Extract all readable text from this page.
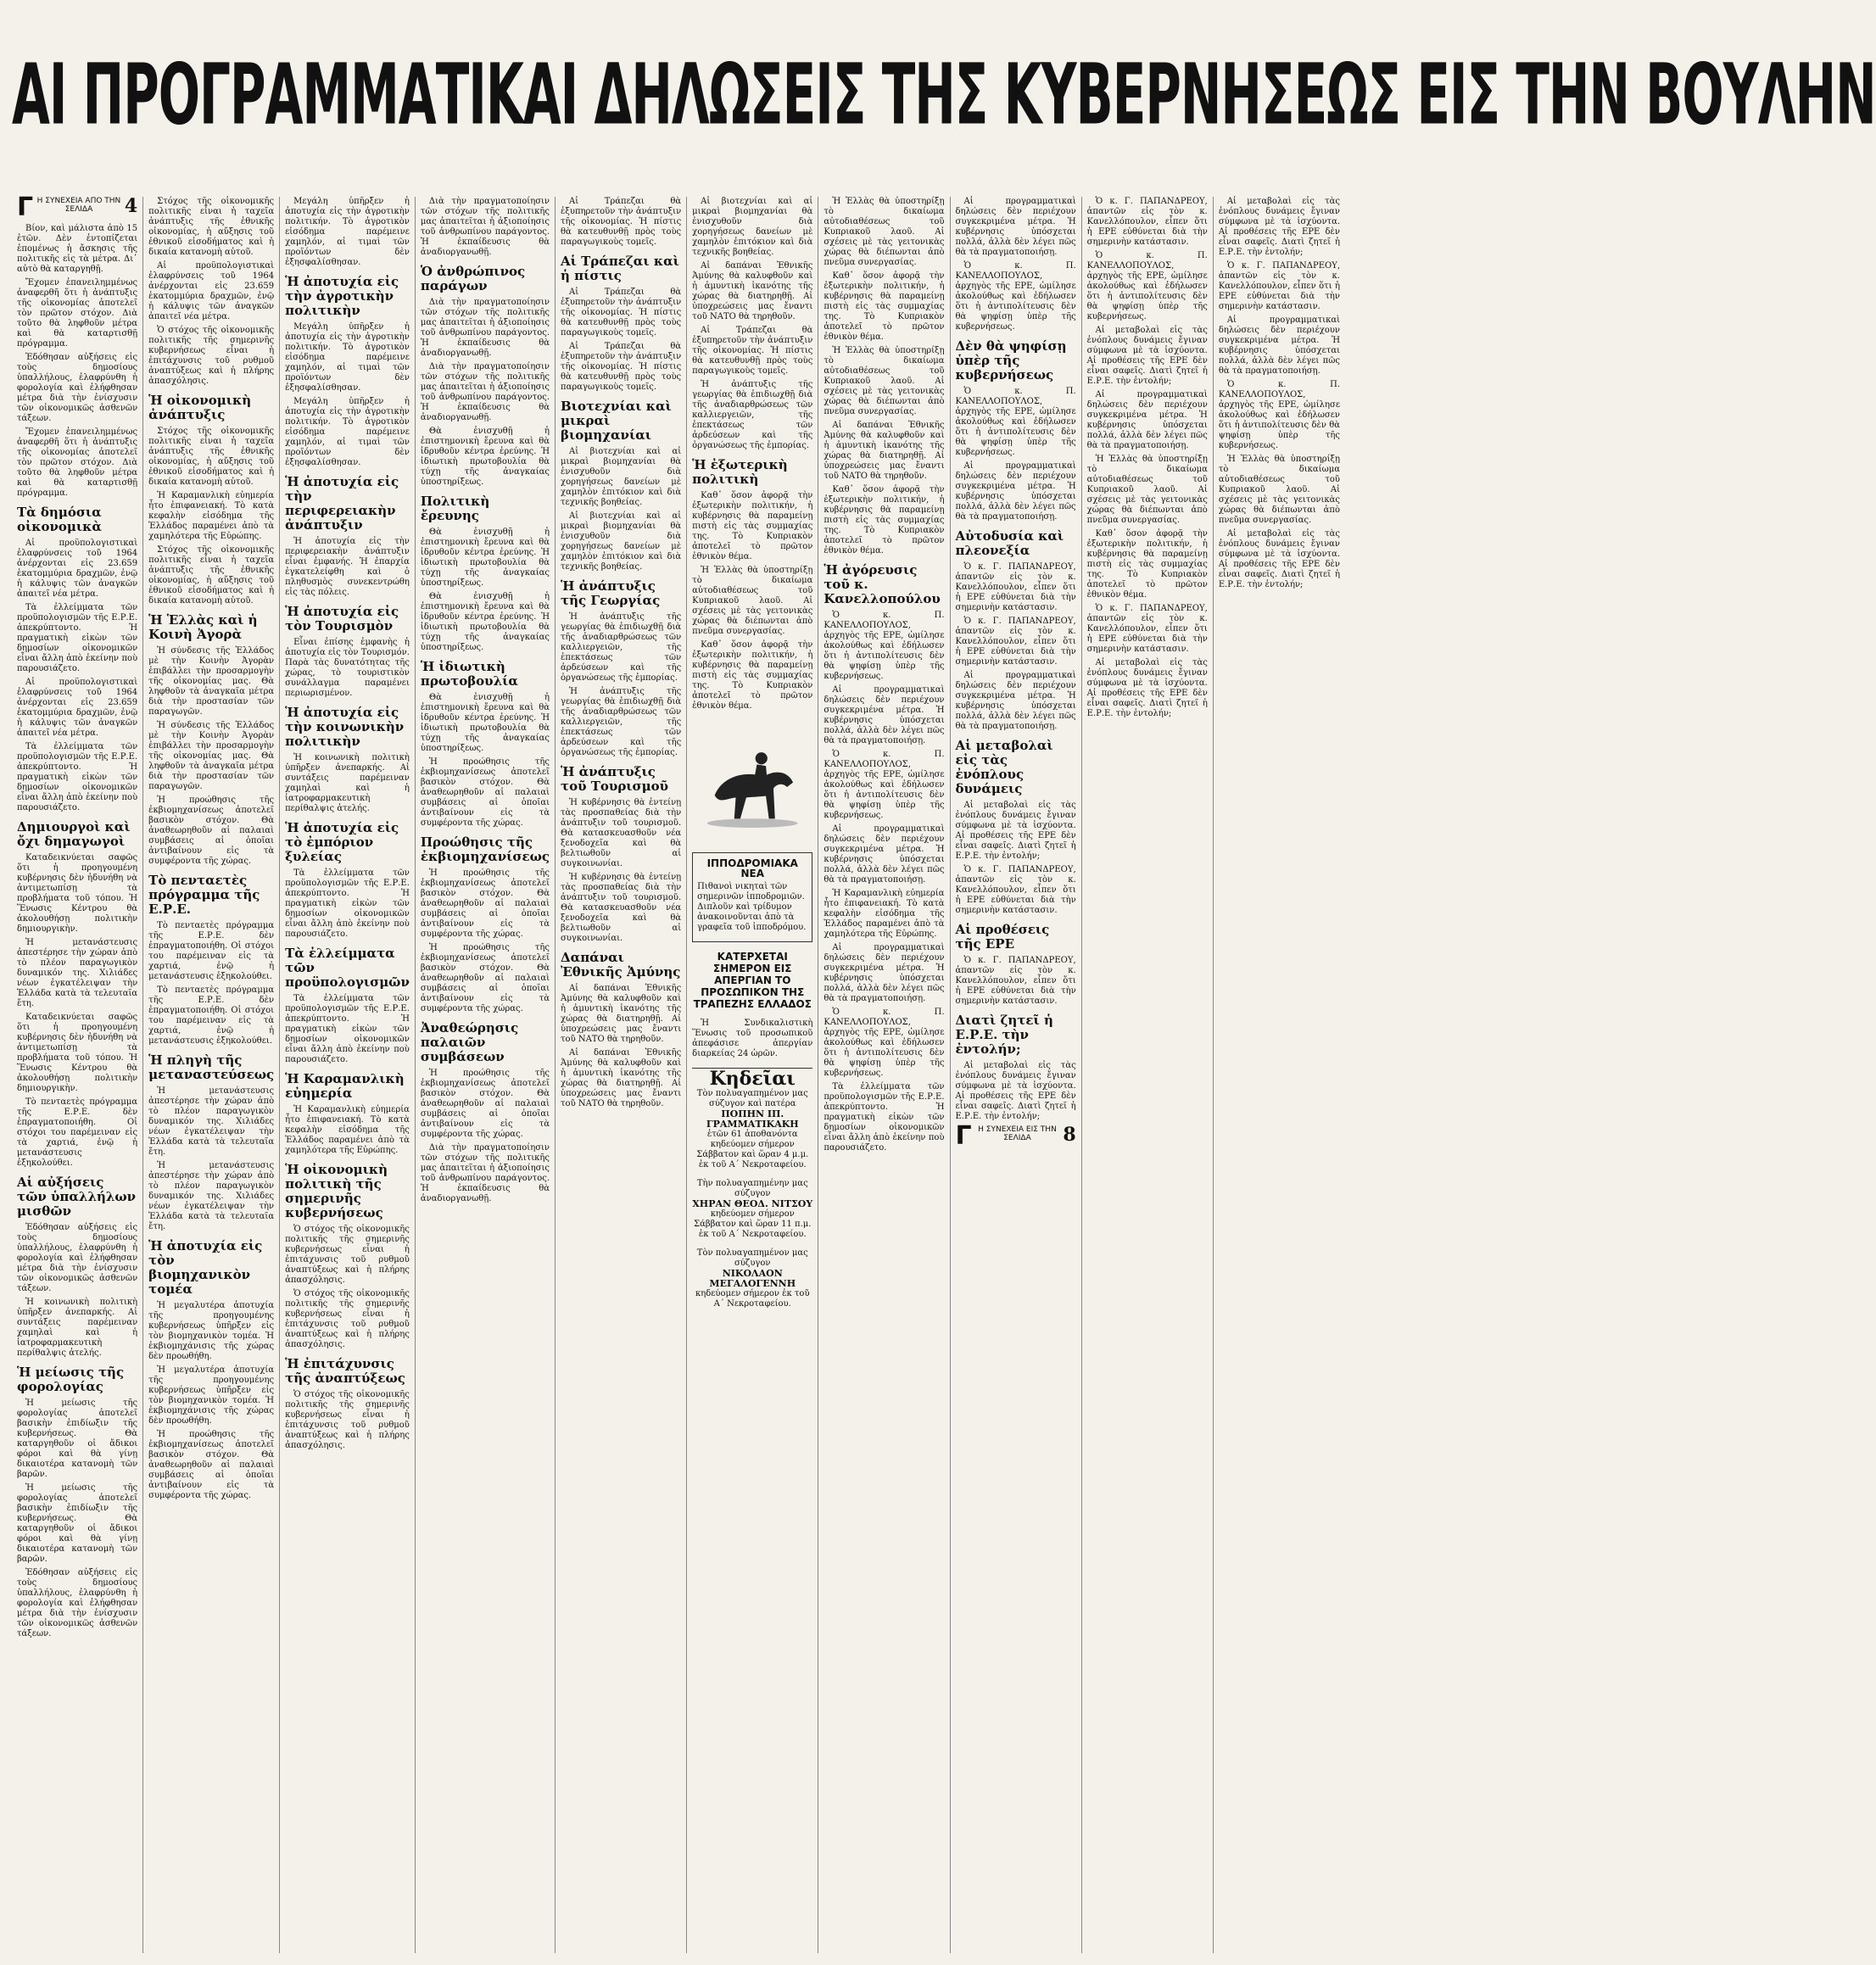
ΑΙ ΠΡΟΓΡΑΜΜΑΤΙΚΑΙ ΔΗΛΩΣΕΙΣ ΤΗΣ ΚΥΒΕΡΝΗΣΕΩΣ ΕΙΣ ΤΗΝ ΒΟΥΛΗΝ
Γ Η ΣΥΝΕΧΕΙΑ ΑΠΟ ΤΗΝ ΣΕΛΙΔΑ	4

Βίον, καὶ μάλιστα ἀπὸ 15 ἐτῶν. Δὲν ἐντοπίζεται ἐπομένως ἡ ἄσκησις τῆς πολιτικῆς εἰς τὰ μέτρα. Δι᾽ αὐτὸ θὰ καταργηθῇ.

Ἔχομεν ἐπανειλημμένως ἀναφερθῆ ὅτι ἡ ἀνάπτυξις τῆς οἰκονομίας ἀποτελεῖ τὸν πρῶτον στόχον. Διὰ τοῦτο θὰ ληφθοῦν μέτρα καὶ θὰ καταρτισθῇ πρόγραμμα.

Ἐδόθησαν αὐξήσεις εἰς τοὺς δημοσίους ὑπαλλήλους, ἐλαφρύνθη ἡ φορολογία καὶ ἐλήφθησαν μέτρα διὰ τὴν ἐνίσχυσιν τῶν οἰκονομικῶς ἀσθενῶν τάξεων.

Ἔχομεν ἐπανειλημμένως ἀναφερθῆ ὅτι ἡ ἀνάπτυξις τῆς οἰκονομίας ἀποτελεῖ τὸν πρῶτον στόχον. Διὰ τοῦτο θὰ ληφθοῦν μέτρα καὶ θὰ καταρτισθῇ πρόγραμμα.

Τὰ δημόσια οἰκονομικὰ

Αἱ προϋπολογιστικαὶ ἐλαφρύνσεις τοῦ 1964 ἀνέρχονται εἰς 23.659 ἑκατομμύρια δραχμῶν, ἐνῷ ἡ κάλυψις τῶν ἀναγκῶν ἀπαιτεῖ νέα μέτρα.

Τὰ ἐλλείμματα τῶν προϋπολογισμῶν τῆς Ε.Ρ.Ε. ἀπεκρύπτοντο. Ἡ πραγματικὴ εἰκὼν τῶν δημοσίων οἰκονομικῶν εἶναι ἄλλη ἀπὸ ἐκείνην ποὺ παρουσιάζετο.

Αἱ προϋπολογιστικαὶ ἐλαφρύνσεις τοῦ 1964 ἀνέρχονται εἰς 23.659 ἑκατομμύρια δραχμῶν, ἐνῷ ἡ κάλυψις τῶν ἀναγκῶν ἀπαιτεῖ νέα μέτρα.

Τὰ ἐλλείμματα τῶν προϋπολογισμῶν τῆς Ε.Ρ.Ε. ἀπεκρύπτοντο. Ἡ πραγματικὴ εἰκὼν τῶν δημοσίων οἰκονομικῶν εἶναι ἄλλη ἀπὸ ἐκείνην ποὺ παρουσιάζετο.

Δημιουργοὶ καὶ ὄχι δημαγωγοὶ

Καταδεικνύεται σαφῶς ὅτι ἡ προηγουμένη κυβέρνησις δὲν ἠδυνήθη νὰ ἀντιμετωπίσῃ τὰ προβλήματα τοῦ τόπου. Ἡ Ἕνωσις Κέντρου θὰ ἀκολουθήσῃ πολιτικὴν δημιουργικὴν.

Ἡ μετανάστευσις ἀπεστέρησε τὴν χώραν ἀπὸ τὸ πλέον παραγωγικὸν δυναμικόν της. Χιλιάδες νέων ἐγκατέλειψαν τὴν Ἑλλάδα κατὰ τὰ τελευταῖα ἔτη.

Καταδεικνύεται σαφῶς ὅτι ἡ προηγουμένη κυβέρνησις δὲν ἠδυνήθη νὰ ἀντιμετωπίσῃ τὰ προβλήματα τοῦ τόπου. Ἡ Ἕνωσις Κέντρου θὰ ἀκολουθήσῃ πολιτικὴν δημιουργικὴν.

Τὸ πενταετὲς πρόγραμμα τῆς Ε.Ρ.Ε. δὲν ἐπραγματοποιήθη. Οἱ στόχοι του παρέμειναν εἰς τὰ χαρτιά, ἐνῷ ἡ μετανάστευσις ἐξηκολούθει.

Αἱ αὐξήσεις τῶν ὑπαλλήλων μισθῶν

Ἐδόθησαν αὐξήσεις εἰς τοὺς δημοσίους ὑπαλλήλους, ἐλαφρύνθη ἡ φορολογία καὶ ἐλήφθησαν μέτρα διὰ τὴν ἐνίσχυσιν τῶν οἰκονομικῶς ἀσθενῶν τάξεων.

Ἡ κοινωνικὴ πολιτικὴ ὑπῆρξεν ἀνεπαρκής. Αἱ συντάξεις παρέμειναν χαμηλαὶ καὶ ἡ ἰατροφαρμακευτικὴ περίθαλψις ἀτελής.

Ἡ μείωσις τῆς φορολογίας

Ἡ μείωσις τῆς φορολογίας ἀποτελεῖ βασικὴν ἐπιδίωξιν τῆς κυβερνήσεως. Θὰ καταργηθοῦν οἱ ἄδικοι φόροι καὶ θὰ γίνῃ δικαιοτέρα κατανομὴ τῶν βαρῶν.

Ἡ μείωσις τῆς φορολογίας ἀποτελεῖ βασικὴν ἐπιδίωξιν τῆς κυβερνήσεως. Θὰ καταργηθοῦν οἱ ἄδικοι φόροι καὶ θὰ γίνῃ δικαιοτέρα κατανομὴ τῶν βαρῶν.

Ἐδόθησαν αὐξήσεις εἰς τοὺς δημοσίους ὑπαλλήλους, ἐλαφρύνθη ἡ φορολογία καὶ ἐλήφθησαν μέτρα διὰ τὴν ἐνίσχυσιν τῶν οἰκονομικῶς ἀσθενῶν τάξεων.

Στόχος τῆς οἰκονομικῆς πολιτικῆς εἶναι ἡ ταχεῖα ἀνάπτυξις τῆς ἐθνικῆς οἰκονομίας, ἡ αὔξησις τοῦ ἐθνικοῦ εἰσοδήματος καὶ ἡ δικαία κατανομὴ αὐτοῦ.

Αἱ προϋπολογιστικαὶ ἐλαφρύνσεις τοῦ 1964 ἀνέρχονται εἰς 23.659 ἑκατομμύρια δραχμῶν, ἐνῷ ἡ κάλυψις τῶν ἀναγκῶν ἀπαιτεῖ νέα μέτρα.

Ὁ στόχος τῆς οἰκονομικῆς πολιτικῆς τῆς σημερινῆς κυβερνήσεως εἶναι ἡ ἐπιτάχυνσις τοῦ ρυθμοῦ ἀναπτύξεως καὶ ἡ πλήρης ἀπασχόλησις.

Ἡ οἰκονομικὴ ἀνάπτυξις

Στόχος τῆς οἰκονομικῆς πολιτικῆς εἶναι ἡ ταχεῖα ἀνάπτυξις τῆς ἐθνικῆς οἰκονομίας, ἡ αὔξησις τοῦ ἐθνικοῦ εἰσοδήματος καὶ ἡ δικαία κατανομὴ αὐτοῦ.

Ἡ Καραμανλικὴ εὐημερία ἦτο ἐπιφανειακή. Τὸ κατὰ κεφαλὴν εἰσόδημα τῆς Ἑλλάδος παραμένει ἀπὸ τὰ χαμηλότερα τῆς Εὐρώπης.

Στόχος τῆς οἰκονομικῆς πολιτικῆς εἶναι ἡ ταχεῖα ἀνάπτυξις τῆς ἐθνικῆς οἰκονομίας, ἡ αὔξησις τοῦ ἐθνικοῦ εἰσοδήματος καὶ ἡ δικαία κατανομὴ αὐτοῦ.

Ἡ Ἑλλὰς καὶ ἡ Κοινὴ Ἀγορὰ

Ἡ σύνδεσις τῆς Ἑλλάδος μὲ τὴν Κοινὴν Ἀγορὰν ἐπιβάλλει τὴν προσαρμογὴν τῆς οἰκονομίας μας. Θὰ ληφθοῦν τὰ ἀναγκαῖα μέτρα διὰ τὴν προστασίαν τῶν παραγωγῶν.

Ἡ σύνδεσις τῆς Ἑλλάδος μὲ τὴν Κοινὴν Ἀγορὰν ἐπιβάλλει τὴν προσαρμογὴν τῆς οἰκονομίας μας. Θὰ ληφθοῦν τὰ ἀναγκαῖα μέτρα διὰ τὴν προστασίαν τῶν παραγωγῶν.

Ἡ προώθησις τῆς ἐκβιομηχανίσεως ἀποτελεῖ βασικὸν στόχον. Θὰ ἀναθεωρηθοῦν αἱ παλαιαὶ συμβάσεις αἱ ὁποῖαι ἀντιβαίνουν εἰς τὰ συμφέροντα τῆς χώρας.

Τὸ πενταετὲς πρόγραμμα τῆς Ε.Ρ.Ε.

Τὸ πενταετὲς πρόγραμμα τῆς Ε.Ρ.Ε. δὲν ἐπραγματοποιήθη. Οἱ στόχοι του παρέμειναν εἰς τὰ χαρτιά, ἐνῷ ἡ μετανάστευσις ἐξηκολούθει.

Τὸ πενταετὲς πρόγραμμα τῆς Ε.Ρ.Ε. δὲν ἐπραγματοποιήθη. Οἱ στόχοι του παρέμειναν εἰς τὰ χαρτιά, ἐνῷ ἡ μετανάστευσις ἐξηκολούθει.

Ἡ πληγὴ τῆς μεταναστεύσεως

Ἡ μετανάστευσις ἀπεστέρησε τὴν χώραν ἀπὸ τὸ πλέον παραγωγικὸν δυναμικόν της. Χιλιάδες νέων ἐγκατέλειψαν τὴν Ἑλλάδα κατὰ τὰ τελευταῖα ἔτη.

Ἡ μετανάστευσις ἀπεστέρησε τὴν χώραν ἀπὸ τὸ πλέον παραγωγικὸν δυναμικόν της. Χιλιάδες νέων ἐγκατέλειψαν τὴν Ἑλλάδα κατὰ τὰ τελευταῖα ἔτη.

Ἡ ἀποτυχία εἰς τὸν βιομηχανικὸν τομέα

Ἡ μεγαλυτέρα ἀποτυχία τῆς προηγουμένης κυβερνήσεως ὑπῆρξεν εἰς τὸν βιομηχανικὸν τομέα. Ἡ ἐκβιομηχάνισις τῆς χώρας δὲν προωθήθη.

Ἡ μεγαλυτέρα ἀποτυχία τῆς προηγουμένης κυβερνήσεως ὑπῆρξεν εἰς τὸν βιομηχανικὸν τομέα. Ἡ ἐκβιομηχάνισις τῆς χώρας δὲν προωθήθη.

Ἡ προώθησις τῆς ἐκβιομηχανίσεως ἀποτελεῖ βασικὸν στόχον. Θὰ ἀναθεωρηθοῦν αἱ παλαιαὶ συμβάσεις αἱ ὁποῖαι ἀντιβαίνουν εἰς τὰ συμφέροντα τῆς χώρας.

Μεγάλη ὑπῆρξεν ἡ ἀποτυχία εἰς τὴν ἀγροτικὴν πολιτικήν. Τὸ ἀγροτικὸν εἰσόδημα παρέμεινε χαμηλόν, αἱ τιμαὶ τῶν προϊόντων δὲν ἐξησφαλίσθησαν.

Ἡ ἀποτυχία εἰς τὴν ἀγροτικὴν πολιτικὴν

Μεγάλη ὑπῆρξεν ἡ ἀποτυχία εἰς τὴν ἀγροτικὴν πολιτικήν. Τὸ ἀγροτικὸν εἰσόδημα παρέμεινε χαμηλόν, αἱ τιμαὶ τῶν προϊόντων δὲν ἐξησφαλίσθησαν.

Μεγάλη ὑπῆρξεν ἡ ἀποτυχία εἰς τὴν ἀγροτικὴν πολιτικήν. Τὸ ἀγροτικὸν εἰσόδημα παρέμεινε χαμηλόν, αἱ τιμαὶ τῶν προϊόντων δὲν ἐξησφαλίσθησαν.

Ἡ ἀποτυχία εἰς τὴν περιφερειακὴν ἀνάπτυξιν

Ἡ ἀποτυχία εἰς τὴν περιφερειακὴν ἀνάπτυξιν εἶναι ἐμφανής. Ἡ ἐπαρχία ἐγκατελείφθη καὶ ὁ πληθυσμὸς συνεκεντρώθη εἰς τὰς πόλεις.

Ἡ ἀποτυχία εἰς τὸν Τουρισμὸν

Εἶναι ἐπίσης ἐμφανὴς ἡ ἀποτυχία εἰς τὸν Τουρισμόν. Παρὰ τὰς δυνατότητας τῆς χώρας, τὸ τουριστικὸν συνάλλαγμα παραμένει περιωρισμένον.

Ἡ ἀποτυχία εἰς τὴν κοινωνικὴν πολιτικὴν

Ἡ κοινωνικὴ πολιτικὴ ὑπῆρξεν ἀνεπαρκής. Αἱ συντάξεις παρέμειναν χαμηλαὶ καὶ ἡ ἰατροφαρμακευτικὴ περίθαλψις ἀτελής.

Ἡ ἀποτυχία εἰς τὸ ἐμπόριον ξυλείας

Τὰ ἐλλείμματα τῶν προϋπολογισμῶν τῆς Ε.Ρ.Ε. ἀπεκρύπτοντο. Ἡ πραγματικὴ εἰκὼν τῶν δημοσίων οἰκονομικῶν εἶναι ἄλλη ἀπὸ ἐκείνην ποὺ παρουσιάζετο.

Τὰ ἐλλείμματα τῶν προϋπολογισμῶν

Τὰ ἐλλείμματα τῶν προϋπολογισμῶν τῆς Ε.Ρ.Ε. ἀπεκρύπτοντο. Ἡ πραγματικὴ εἰκὼν τῶν δημοσίων οἰκονομικῶν εἶναι ἄλλη ἀπὸ ἐκείνην ποὺ παρουσιάζετο.

Ἡ Καραμανλικὴ εὐημερία

Ἡ Καραμανλικὴ εὐημερία ἦτο ἐπιφανειακή. Τὸ κατὰ κεφαλὴν εἰσόδημα τῆς Ἑλλάδος παραμένει ἀπὸ τὰ χαμηλότερα τῆς Εὐρώπης.

Ἡ οἰκονομικὴ πολιτικὴ τῆς σημερινῆς κυβερνήσεως

Ὁ στόχος τῆς οἰκονομικῆς πολιτικῆς τῆς σημερινῆς κυβερνήσεως εἶναι ἡ ἐπιτάχυνσις τοῦ ρυθμοῦ ἀναπτύξεως καὶ ἡ πλήρης ἀπασχόλησις.

Ὁ στόχος τῆς οἰκονομικῆς πολιτικῆς τῆς σημερινῆς κυβερνήσεως εἶναι ἡ ἐπιτάχυνσις τοῦ ρυθμοῦ ἀναπτύξεως καὶ ἡ πλήρης ἀπασχόλησις.

Ἡ ἐπιτάχυνσις τῆς ἀναπτύξεως

Ὁ στόχος τῆς οἰκονομικῆς πολιτικῆς τῆς σημερινῆς κυβερνήσεως εἶναι ἡ ἐπιτάχυνσις τοῦ ρυθμοῦ ἀναπτύξεως καὶ ἡ πλήρης ἀπασχόλησις.

Διὰ τὴν πραγματοποίησιν τῶν στόχων τῆς πολιτικῆς μας ἀπαιτεῖται ἡ ἀξιοποίησις τοῦ ἀνθρωπίνου παράγοντος. Ἡ ἐκπαίδευσις θὰ ἀναδιοργανωθῇ.

Ὁ ἀνθρώπινος παράγων

Διὰ τὴν πραγματοποίησιν τῶν στόχων τῆς πολιτικῆς μας ἀπαιτεῖται ἡ ἀξιοποίησις τοῦ ἀνθρωπίνου παράγοντος. Ἡ ἐκπαίδευσις θὰ ἀναδιοργανωθῇ.

Διὰ τὴν πραγματοποίησιν τῶν στόχων τῆς πολιτικῆς μας ἀπαιτεῖται ἡ ἀξιοποίησις τοῦ ἀνθρωπίνου παράγοντος. Ἡ ἐκπαίδευσις θὰ ἀναδιοργανωθῇ.

Θὰ ἐνισχυθῇ ἡ ἐπιστημονικὴ ἔρευνα καὶ θὰ ἱδρυθοῦν κέντρα ἐρεύνης. Ἡ ἰδιωτικὴ πρωτοβουλία θὰ τύχῃ τῆς ἀναγκαίας ὑποστηρίξεως.

Πολιτικὴ ἔρευνης

Θὰ ἐνισχυθῇ ἡ ἐπιστημονικὴ ἔρευνα καὶ θὰ ἱδρυθοῦν κέντρα ἐρεύνης. Ἡ ἰδιωτικὴ πρωτοβουλία θὰ τύχῃ τῆς ἀναγκαίας ὑποστηρίξεως.

Θὰ ἐνισχυθῇ ἡ ἐπιστημονικὴ ἔρευνα καὶ θὰ ἱδρυθοῦν κέντρα ἐρεύνης. Ἡ ἰδιωτικὴ πρωτοβουλία θὰ τύχῃ τῆς ἀναγκαίας ὑποστηρίξεως.

Ἡ ἰδιωτικὴ πρωτοβουλία

Θὰ ἐνισχυθῇ ἡ ἐπιστημονικὴ ἔρευνα καὶ θὰ ἱδρυθοῦν κέντρα ἐρεύνης. Ἡ ἰδιωτικὴ πρωτοβουλία θὰ τύχῃ τῆς ἀναγκαίας ὑποστηρίξεως.

Ἡ προώθησις τῆς ἐκβιομηχανίσεως ἀποτελεῖ βασικὸν στόχον. Θὰ ἀναθεωρηθοῦν αἱ παλαιαὶ συμβάσεις αἱ ὁποῖαι ἀντιβαίνουν εἰς τὰ συμφέροντα τῆς χώρας.

Προώθησις τῆς ἐκβιομηχανίσεως

Ἡ προώθησις τῆς ἐκβιομηχανίσεως ἀποτελεῖ βασικὸν στόχον. Θὰ ἀναθεωρηθοῦν αἱ παλαιαὶ συμβάσεις αἱ ὁποῖαι ἀντιβαίνουν εἰς τὰ συμφέροντα τῆς χώρας.

Ἡ προώθησις τῆς ἐκβιομηχανίσεως ἀποτελεῖ βασικὸν στόχον. Θὰ ἀναθεωρηθοῦν αἱ παλαιαὶ συμβάσεις αἱ ὁποῖαι ἀντιβαίνουν εἰς τὰ συμφέροντα τῆς χώρας.

Ἀναθεώρησις παλαιῶν συμβάσεων

Ἡ προώθησις τῆς ἐκβιομηχανίσεως ἀποτελεῖ βασικὸν στόχον. Θὰ ἀναθεωρηθοῦν αἱ παλαιαὶ συμβάσεις αἱ ὁποῖαι ἀντιβαίνουν εἰς τὰ συμφέροντα τῆς χώρας.

Διὰ τὴν πραγματοποίησιν τῶν στόχων τῆς πολιτικῆς μας ἀπαιτεῖται ἡ ἀξιοποίησις τοῦ ἀνθρωπίνου παράγοντος. Ἡ ἐκπαίδευσις θὰ ἀναδιοργανωθῇ.

Αἱ Τράπεζαι θὰ ἐξυπηρετοῦν τὴν ἀνάπτυξιν τῆς οἰκονομίας. Ἡ πίστις θὰ κατευθυνθῇ πρὸς τοὺς παραγωγικοὺς τομεῖς.

Αἱ Τράπεζαι καὶ ἡ πίστις

Αἱ Τράπεζαι θὰ ἐξυπηρετοῦν τὴν ἀνάπτυξιν τῆς οἰκονομίας. Ἡ πίστις θὰ κατευθυνθῇ πρὸς τοὺς παραγωγικοὺς τομεῖς.

Αἱ Τράπεζαι θὰ ἐξυπηρετοῦν τὴν ἀνάπτυξιν τῆς οἰκονομίας. Ἡ πίστις θὰ κατευθυνθῇ πρὸς τοὺς παραγωγικοὺς τομεῖς.

Βιοτεχνίαι καὶ μικραὶ βιομηχανίαι

Αἱ βιοτεχνίαι καὶ αἱ μικραὶ βιομηχανίαι θὰ ἐνισχυθοῦν διὰ χορηγήσεως δανείων μὲ χαμηλὸν ἐπιτόκιον καὶ διὰ τεχνικῆς βοηθείας.

Αἱ βιοτεχνίαι καὶ αἱ μικραὶ βιομηχανίαι θὰ ἐνισχυθοῦν διὰ χορηγήσεως δανείων μὲ χαμηλὸν ἐπιτόκιον καὶ διὰ τεχνικῆς βοηθείας.

Ἡ ἀνάπτυξις τῆς Γεωργίας

Ἡ ἀνάπτυξις τῆς γεωργίας θὰ ἐπιδιωχθῇ διὰ τῆς ἀναδιαρθρώσεως τῶν καλλιεργειῶν, τῆς ἐπεκτάσεως τῶν ἀρδεύσεων καὶ τῆς ὀργανώσεως τῆς ἐμπορίας.

Ἡ ἀνάπτυξις τῆς γεωργίας θὰ ἐπιδιωχθῇ διὰ τῆς ἀναδιαρθρώσεως τῶν καλλιεργειῶν, τῆς ἐπεκτάσεως τῶν ἀρδεύσεων καὶ τῆς ὀργανώσεως τῆς ἐμπορίας.

Ἡ ἀνάπτυξις τοῦ Τουρισμοῦ

Ἡ κυβέρνησις θὰ ἐντείνῃ τὰς προσπαθείας διὰ τὴν ἀνάπτυξιν τοῦ τουρισμοῦ. Θὰ κατασκευασθοῦν νέα ξενοδοχεῖα καὶ θὰ βελτιωθοῦν αἱ συγκοινωνίαι.

Ἡ κυβέρνησις θὰ ἐντείνῃ τὰς προσπαθείας διὰ τὴν ἀνάπτυξιν τοῦ τουρισμοῦ. Θὰ κατασκευασθοῦν νέα ξενοδοχεῖα καὶ θὰ βελτιωθοῦν αἱ συγκοινωνίαι.

Δαπάναι Ἐθνικῆς Ἀμύνης

Αἱ δαπάναι Ἐθνικῆς Ἀμύνης θὰ καλυφθοῦν καὶ ἡ ἀμυντικὴ ἱκανότης τῆς χώρας θὰ διατηρηθῇ. Αἱ ὑποχρεώσεις μας ἔναντι τοῦ ΝΑΤΟ θὰ τηρηθοῦν.

Αἱ δαπάναι Ἐθνικῆς Ἀμύνης θὰ καλυφθοῦν καὶ ἡ ἀμυντικὴ ἱκανότης τῆς χώρας θὰ διατηρηθῇ. Αἱ ὑποχρεώσεις μας ἔναντι τοῦ ΝΑΤΟ θὰ τηρηθοῦν.

Αἱ βιοτεχνίαι καὶ αἱ μικραὶ βιομηχανίαι θὰ ἐνισχυθοῦν διὰ χορηγήσεως δανείων μὲ χαμηλὸν ἐπιτόκιον καὶ διὰ τεχνικῆς βοηθείας.

Αἱ δαπάναι Ἐθνικῆς Ἀμύνης θὰ καλυφθοῦν καὶ ἡ ἀμυντικὴ ἱκανότης τῆς χώρας θὰ διατηρηθῇ. Αἱ ὑποχρεώσεις μας ἔναντι τοῦ ΝΑΤΟ θὰ τηρηθοῦν.

Αἱ Τράπεζαι θὰ ἐξυπηρετοῦν τὴν ἀνάπτυξιν τῆς οἰκονομίας. Ἡ πίστις θὰ κατευθυνθῇ πρὸς τοὺς παραγωγικοὺς τομεῖς.

Ἡ ἀνάπτυξις τῆς γεωργίας θὰ ἐπιδιωχθῇ διὰ τῆς ἀναδιαρθρώσεως τῶν καλλιεργειῶν, τῆς ἐπεκτάσεως τῶν ἀρδεύσεων καὶ τῆς ὀργανώσεως τῆς ἐμπορίας.

Ἡ ἐξωτερικὴ πολιτικὴ

Καθ᾽ ὅσον ἀφορᾷ τὴν ἐξωτερικὴν πολιτικήν, ἡ κυβέρνησις θὰ παραμείνῃ πιστὴ εἰς τὰς συμμαχίας της. Τὸ Κυπριακὸν ἀποτελεῖ τὸ πρῶτον ἐθνικὸν θέμα.

Ἡ Ἑλλὰς θὰ ὑποστηρίξῃ τὸ δικαίωμα αὐτοδιαθέσεως τοῦ Κυπριακοῦ λαοῦ. Αἱ σχέσεις μὲ τὰς γειτονικὰς χώρας θὰ διέπωνται ἀπὸ πνεῦμα συνεργασίας.

Καθ᾽ ὅσον ἀφορᾷ τὴν ἐξωτερικὴν πολιτικήν, ἡ κυβέρνησις θὰ παραμείνῃ πιστὴ εἰς τὰς συμμαχίας της. Τὸ Κυπριακὸν ἀποτελεῖ τὸ πρῶτον ἐθνικὸν θέμα.

ΙΠΠΟΔΡΟΜΙΑΚΑ ΝΕΑ

Πιθανοὶ νικηταὶ τῶν σημερινῶν ἱπποδρομιῶν. Διπλοῦν καὶ τρίδυμον ἀνακοινοῦνται ἀπὸ τὰ γραφεῖα τοῦ ἱπποδρόμου.

ΚΑΤΕΡΧΕΤΑΙ ΣΗΜΕΡΟΝ ΕΙΣ ΑΠΕΡΓΙΑΝ ΤΟ ΠΡΟΣΩΠΙΚΟΝ ΤΗΣ ΤΡΑΠΕΖΗΣ ΕΛΛΑΔΟΣ

Ἡ Συνδικαλιστικὴ Ἕνωσις τοῦ προσωπικοῦ ἀπεφάσισε ἀπεργίαν διαρκείας 24 ὡρῶν.

Κηδεῖαι
Τὸν πολυαγαπημένον μας σύζυγον καὶ πατέρα
ΠΟΠΗΝ ΙΠ. ΓΡΑΜΜΑΤΙΚΑΚΗ
ἐτῶν 61 ἀποθανόντα κηδεύομεν σήμερον Σάββατον καὶ ὥραν 4 μ.μ. ἐκ τοῦ Α΄ Νεκροταφείου.
Τὴν πολυαγαπημένην μας σύζυγον
ΧΗΡΑΝ ΘΕΟΔ. ΝΙΤΣΟΥ
κηδεύομεν σήμερον Σάββατον καὶ ὥραν 11 π.μ. ἐκ τοῦ Α΄ Νεκροταφείου.
Τὸν πολυαγαπημένον μας σύζυγον
ΝΙΚΟΛΑΟΝ ΜΕΓΑΛΟΓΕΝΝΗ
κηδεύομεν σήμερον ἐκ τοῦ Α΄ Νεκροταφείου.

Ἡ Ἑλλὰς θὰ ὑποστηρίξῃ τὸ δικαίωμα αὐτοδιαθέσεως τοῦ Κυπριακοῦ λαοῦ. Αἱ σχέσεις μὲ τὰς γειτονικὰς χώρας θὰ διέπωνται ἀπὸ πνεῦμα συνεργασίας.

Καθ᾽ ὅσον ἀφορᾷ τὴν ἐξωτερικὴν πολιτικήν, ἡ κυβέρνησις θὰ παραμείνῃ πιστὴ εἰς τὰς συμμαχίας της. Τὸ Κυπριακὸν ἀποτελεῖ τὸ πρῶτον ἐθνικὸν θέμα.

Ἡ Ἑλλὰς θὰ ὑποστηρίξῃ τὸ δικαίωμα αὐτοδιαθέσεως τοῦ Κυπριακοῦ λαοῦ. Αἱ σχέσεις μὲ τὰς γειτονικὰς χώρας θὰ διέπωνται ἀπὸ πνεῦμα συνεργασίας.

Αἱ δαπάναι Ἐθνικῆς Ἀμύνης θὰ καλυφθοῦν καὶ ἡ ἀμυντικὴ ἱκανότης τῆς χώρας θὰ διατηρηθῇ. Αἱ ὑποχρεώσεις μας ἔναντι τοῦ ΝΑΤΟ θὰ τηρηθοῦν.

Καθ᾽ ὅσον ἀφορᾷ τὴν ἐξωτερικὴν πολιτικήν, ἡ κυβέρνησις θὰ παραμείνῃ πιστὴ εἰς τὰς συμμαχίας της. Τὸ Κυπριακὸν ἀποτελεῖ τὸ πρῶτον ἐθνικὸν θέμα.

Ἡ ἀγόρευσις τοῦ κ. Κανελλοπούλου

Ὁ κ. Π. ΚΑΝΕΛΛΟΠΟΥΛΟΣ, ἀρχηγὸς τῆς ΕΡΕ, ὡμίλησε ἀκολούθως καὶ ἐδήλωσεν ὅτι ἡ ἀντιπολίτευσις δὲν θὰ ψηφίσῃ ὑπὲρ τῆς κυβερνήσεως.

Αἱ προγραμματικαὶ δηλώσεις δὲν περιέχουν συγκεκριμένα μέτρα. Ἡ κυβέρνησις ὑπόσχεται πολλά, ἀλλὰ δὲν λέγει πῶς θὰ τὰ πραγματοποιήσῃ.

Ὁ κ. Π. ΚΑΝΕΛΛΟΠΟΥΛΟΣ, ἀρχηγὸς τῆς ΕΡΕ, ὡμίλησε ἀκολούθως καὶ ἐδήλωσεν ὅτι ἡ ἀντιπολίτευσις δὲν θὰ ψηφίσῃ ὑπὲρ τῆς κυβερνήσεως.

Αἱ προγραμματικαὶ δηλώσεις δὲν περιέχουν συγκεκριμένα μέτρα. Ἡ κυβέρνησις ὑπόσχεται πολλά, ἀλλὰ δὲν λέγει πῶς θὰ τὰ πραγματοποιήσῃ.

Ἡ Καραμανλικὴ εὐημερία ἦτο ἐπιφανειακή. Τὸ κατὰ κεφαλὴν εἰσόδημα τῆς Ἑλλάδος παραμένει ἀπὸ τὰ χαμηλότερα τῆς Εὐρώπης.

Αἱ προγραμματικαὶ δηλώσεις δὲν περιέχουν συγκεκριμένα μέτρα. Ἡ κυβέρνησις ὑπόσχεται πολλά, ἀλλὰ δὲν λέγει πῶς θὰ τὰ πραγματοποιήσῃ.

Ὁ κ. Π. ΚΑΝΕΛΛΟΠΟΥΛΟΣ, ἀρχηγὸς τῆς ΕΡΕ, ὡμίλησε ἀκολούθως καὶ ἐδήλωσεν ὅτι ἡ ἀντιπολίτευσις δὲν θὰ ψηφίσῃ ὑπὲρ τῆς κυβερνήσεως.

Τὰ ἐλλείμματα τῶν προϋπολογισμῶν τῆς Ε.Ρ.Ε. ἀπεκρύπτοντο. Ἡ πραγματικὴ εἰκὼν τῶν δημοσίων οἰκονομικῶν εἶναι ἄλλη ἀπὸ ἐκείνην ποὺ παρουσιάζετο.

Αἱ προγραμματικαὶ δηλώσεις δὲν περιέχουν συγκεκριμένα μέτρα. Ἡ κυβέρνησις ὑπόσχεται πολλά, ἀλλὰ δὲν λέγει πῶς θὰ τὰ πραγματοποιήσῃ.

Ὁ κ. Π. ΚΑΝΕΛΛΟΠΟΥΛΟΣ, ἀρχηγὸς τῆς ΕΡΕ, ὡμίλησε ἀκολούθως καὶ ἐδήλωσεν ὅτι ἡ ἀντιπολίτευσις δὲν θὰ ψηφίσῃ ὑπὲρ τῆς κυβερνήσεως.

Δὲν θὰ ψηφίσῃ ὑπὲρ τῆς κυβερνήσεως

Ὁ κ. Π. ΚΑΝΕΛΛΟΠΟΥΛΟΣ, ἀρχηγὸς τῆς ΕΡΕ, ὡμίλησε ἀκολούθως καὶ ἐδήλωσεν ὅτι ἡ ἀντιπολίτευσις δὲν θὰ ψηφίσῃ ὑπὲρ τῆς κυβερνήσεως.

Αἱ προγραμματικαὶ δηλώσεις δὲν περιέχουν συγκεκριμένα μέτρα. Ἡ κυβέρνησις ὑπόσχεται πολλά, ἀλλὰ δὲν λέγει πῶς θὰ τὰ πραγματοποιήσῃ.

Αὐτοδυσία καὶ πλεονεξία

Ὁ κ. Γ. ΠΑΠΑΝΔΡΕΟΥ, ἀπαντῶν εἰς τὸν κ. Κανελλόπουλον, εἶπεν ὅτι ἡ ΕΡΕ εὐθύνεται διὰ τὴν σημερινὴν κατάστασιν.

Ὁ κ. Γ. ΠΑΠΑΝΔΡΕΟΥ, ἀπαντῶν εἰς τὸν κ. Κανελλόπουλον, εἶπεν ὅτι ἡ ΕΡΕ εὐθύνεται διὰ τὴν σημερινὴν κατάστασιν.

Αἱ προγραμματικαὶ δηλώσεις δὲν περιέχουν συγκεκριμένα μέτρα. Ἡ κυβέρνησις ὑπόσχεται πολλά, ἀλλὰ δὲν λέγει πῶς θὰ τὰ πραγματοποιήσῃ.

Αἱ μεταβολαὶ εἰς τὰς ἐνόπλους δυνάμεις

Αἱ μεταβολαὶ εἰς τὰς ἐνόπλους δυνάμεις ἔγιναν σύμφωνα μὲ τὰ ἰσχύοντα. Αἱ προθέσεις τῆς ΕΡΕ δὲν εἶναι σαφεῖς. Διατὶ ζητεῖ ἡ Ε.Ρ.Ε. τὴν ἐντολήν;

Ὁ κ. Γ. ΠΑΠΑΝΔΡΕΟΥ, ἀπαντῶν εἰς τὸν κ. Κανελλόπουλον, εἶπεν ὅτι ἡ ΕΡΕ εὐθύνεται διὰ τὴν σημερινὴν κατάστασιν.

Αἱ προθέσεις τῆς ΕΡΕ

Ὁ κ. Γ. ΠΑΠΑΝΔΡΕΟΥ, ἀπαντῶν εἰς τὸν κ. Κανελλόπουλον, εἶπεν ὅτι ἡ ΕΡΕ εὐθύνεται διὰ τὴν σημερινὴν κατάστασιν.

Διατὶ ζητεῖ ἡ Ε.Ρ.Ε. τὴν ἐντολήν;

Αἱ μεταβολαὶ εἰς τὰς ἐνόπλους δυνάμεις ἔγιναν σύμφωνα μὲ τὰ ἰσχύοντα. Αἱ προθέσεις τῆς ΕΡΕ δὲν εἶναι σαφεῖς. Διατὶ ζητεῖ ἡ Ε.Ρ.Ε. τὴν ἐντολήν;

Γ Η ΣΥΝΕΧΕΙΑ ΕΙΣ ΤΗΝ ΣΕΛΙΔΑ	8

Ὁ κ. Γ. ΠΑΠΑΝΔΡΕΟΥ, ἀπαντῶν εἰς τὸν κ. Κανελλόπουλον, εἶπεν ὅτι ἡ ΕΡΕ εὐθύνεται διὰ τὴν σημερινὴν κατάστασιν.

Ὁ κ. Π. ΚΑΝΕΛΛΟΠΟΥΛΟΣ, ἀρχηγὸς τῆς ΕΡΕ, ὡμίλησε ἀκολούθως καὶ ἐδήλωσεν ὅτι ἡ ἀντιπολίτευσις δὲν θὰ ψηφίσῃ ὑπὲρ τῆς κυβερνήσεως.

Αἱ μεταβολαὶ εἰς τὰς ἐνόπλους δυνάμεις ἔγιναν σύμφωνα μὲ τὰ ἰσχύοντα. Αἱ προθέσεις τῆς ΕΡΕ δὲν εἶναι σαφεῖς. Διατὶ ζητεῖ ἡ Ε.Ρ.Ε. τὴν ἐντολήν;

Αἱ προγραμματικαὶ δηλώσεις δὲν περιέχουν συγκεκριμένα μέτρα. Ἡ κυβέρνησις ὑπόσχεται πολλά, ἀλλὰ δὲν λέγει πῶς θὰ τὰ πραγματοποιήσῃ.

Ἡ Ἑλλὰς θὰ ὑποστηρίξῃ τὸ δικαίωμα αὐτοδιαθέσεως τοῦ Κυπριακοῦ λαοῦ. Αἱ σχέσεις μὲ τὰς γειτονικὰς χώρας θὰ διέπωνται ἀπὸ πνεῦμα συνεργασίας.

Καθ᾽ ὅσον ἀφορᾷ τὴν ἐξωτερικὴν πολιτικήν, ἡ κυβέρνησις θὰ παραμείνῃ πιστὴ εἰς τὰς συμμαχίας της. Τὸ Κυπριακὸν ἀποτελεῖ τὸ πρῶτον ἐθνικὸν θέμα.

Ὁ κ. Γ. ΠΑΠΑΝΔΡΕΟΥ, ἀπαντῶν εἰς τὸν κ. Κανελλόπουλον, εἶπεν ὅτι ἡ ΕΡΕ εὐθύνεται διὰ τὴν σημερινὴν κατάστασιν.

Αἱ μεταβολαὶ εἰς τὰς ἐνόπλους δυνάμεις ἔγιναν σύμφωνα μὲ τὰ ἰσχύοντα. Αἱ προθέσεις τῆς ΕΡΕ δὲν εἶναι σαφεῖς. Διατὶ ζητεῖ ἡ Ε.Ρ.Ε. τὴν ἐντολήν;

Αἱ μεταβολαὶ εἰς τὰς ἐνόπλους δυνάμεις ἔγιναν σύμφωνα μὲ τὰ ἰσχύοντα. Αἱ προθέσεις τῆς ΕΡΕ δὲν εἶναι σαφεῖς. Διατὶ ζητεῖ ἡ Ε.Ρ.Ε. τὴν ἐντολήν;

Ὁ κ. Γ. ΠΑΠΑΝΔΡΕΟΥ, ἀπαντῶν εἰς τὸν κ. Κανελλόπουλον, εἶπεν ὅτι ἡ ΕΡΕ εὐθύνεται διὰ τὴν σημερινὴν κατάστασιν.

Αἱ προγραμματικαὶ δηλώσεις δὲν περιέχουν συγκεκριμένα μέτρα. Ἡ κυβέρνησις ὑπόσχεται πολλά, ἀλλὰ δὲν λέγει πῶς θὰ τὰ πραγματοποιήσῃ.

Ὁ κ. Π. ΚΑΝΕΛΛΟΠΟΥΛΟΣ, ἀρχηγὸς τῆς ΕΡΕ, ὡμίλησε ἀκολούθως καὶ ἐδήλωσεν ὅτι ἡ ἀντιπολίτευσις δὲν θὰ ψηφίσῃ ὑπὲρ τῆς κυβερνήσεως.

Ἡ Ἑλλὰς θὰ ὑποστηρίξῃ τὸ δικαίωμα αὐτοδιαθέσεως τοῦ Κυπριακοῦ λαοῦ. Αἱ σχέσεις μὲ τὰς γειτονικὰς χώρας θὰ διέπωνται ἀπὸ πνεῦμα συνεργασίας.

Αἱ μεταβολαὶ εἰς τὰς ἐνόπλους δυνάμεις ἔγιναν σύμφωνα μὲ τὰ ἰσχύοντα. Αἱ προθέσεις τῆς ΕΡΕ δὲν εἶναι σαφεῖς. Διατὶ ζητεῖ ἡ Ε.Ρ.Ε. τὴν ἐντολήν;
